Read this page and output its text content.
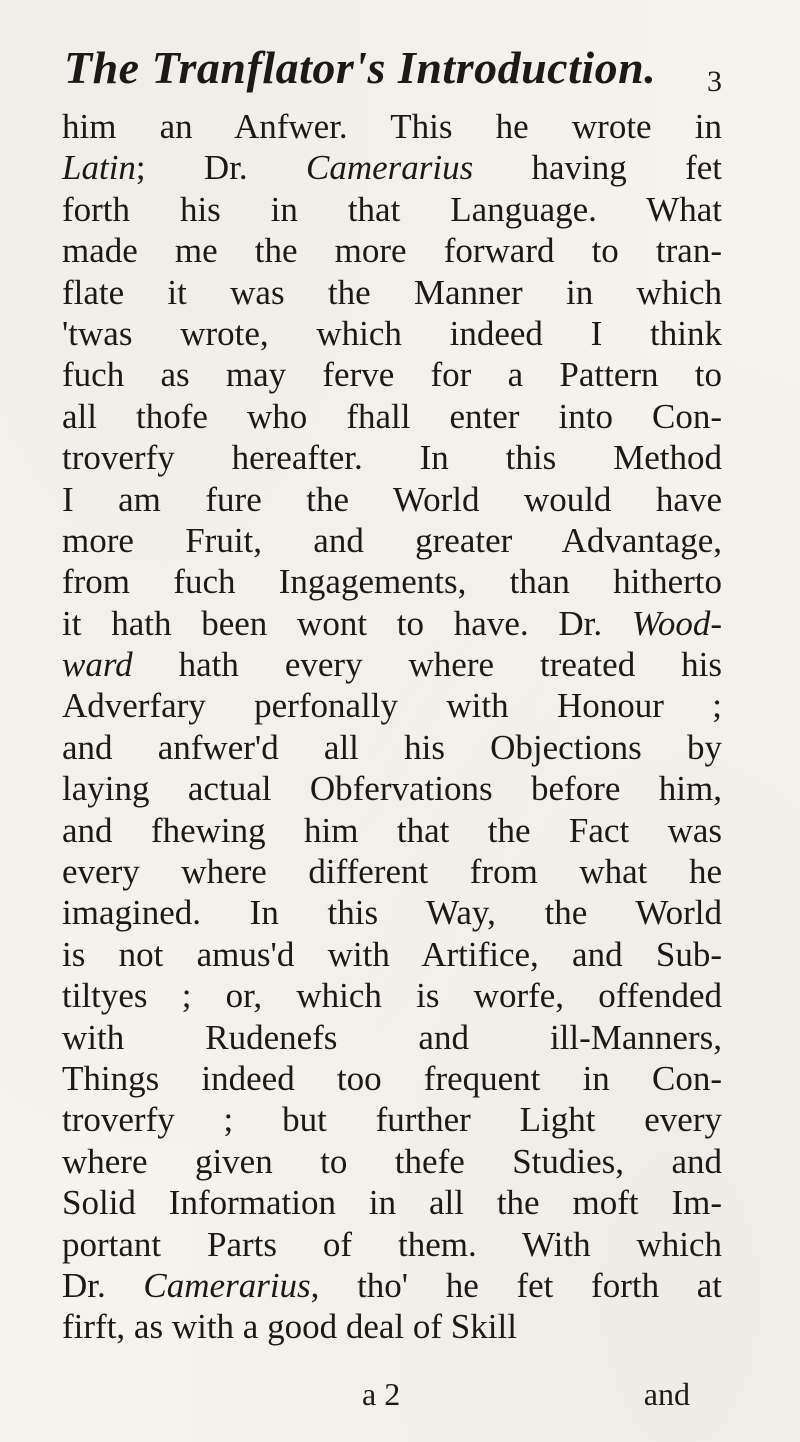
The Tranflator's Introduction. 3
him an Anfwer. This he wrote in
Latin; Dr. Camerarius having fet
forth his in that Language. What
made me the more forward to tran-
flate it was the Manner in which
'twas wrote, which indeed I think
fuch as may ferve for a Pattern to
all thofe who fhall enter into Con-
troverfy hereafter. In this Method
I am fure the World would have
more Fruit, and greater Advantage,
from fuch Ingagements, than hitherto
it hath been wont to have. Dr. Wood-
ward hath every where treated his
Adverfary perfonally with Honour ;
and anfwer'd all his Objections by
laying actual Obfervations before him,
and fhewing him that the Fact was
every where different from what he
imagined. In this Way, the World
is not amus'd with Artifice, and Sub-
tiltyes ; or, which is worfe, offended
with Rudenefs and ill-Manners,
Things indeed too frequent in Con-
troverfy ; but further Light every
where given to thefe Studies, and
Solid Information in all the moft Im-
portant Parts of them. With which
Dr. Camerarius, tho' he fet forth at
firft, as with a good deal of Skill
a 2	and
